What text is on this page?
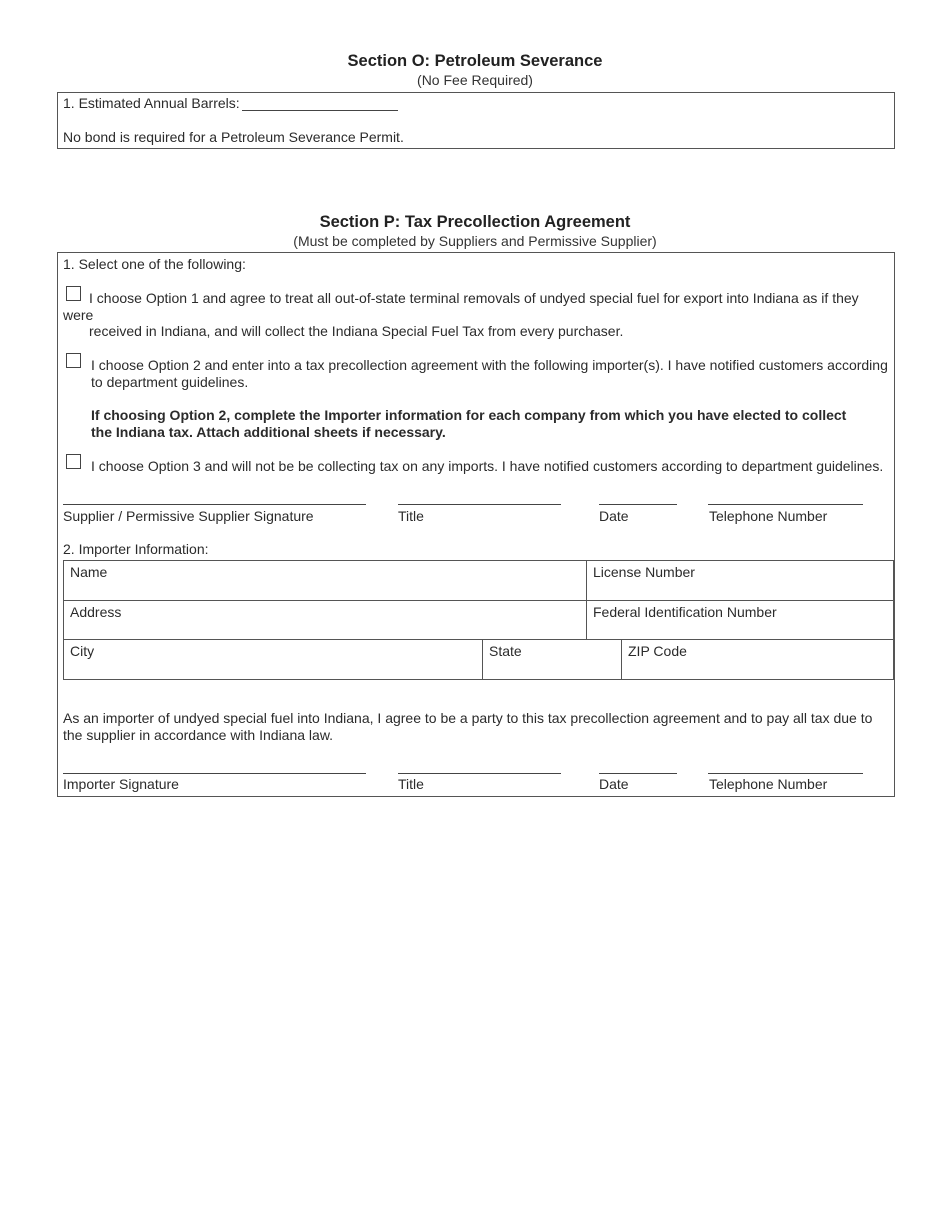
Section O: Petroleum Severance
(No Fee Required)
1. Estimated Annual Barrels:
No bond is required for a Petroleum Severance Permit.
Section P: Tax Precollection Agreement
(Must be completed by Suppliers and Permissive Supplier)
1. Select one of the following:
I choose Option 1 and agree to treat all out-of-state terminal removals of undyed special fuel for export into Indiana as if they
were
received in Indiana, and will collect the Indiana Special Fuel Tax from every purchaser.
I choose Option 2 and enter into a tax precollection agreement with the following importer(s). I have notified customers according
to department guidelines.
If choosing Option 2, complete the Importer information for each company from which you have elected to collect
the Indiana tax. Attach additional sheets if necessary.
I choose Option 3 and will not be be collecting tax on any imports. I have notified customers according to department guidelines.
Supplier / Permissive Supplier Signature	Title	Date	Telephone Number
2. Importer Information:
Name	License Number
Address	Federal Identification Number
City	State	ZIP Code
As an importer of undyed special fuel into Indiana, I agree to be a party to this tax precollection agreement and to pay all tax due to
the supplier in accordance with Indiana law.
Importer Signature	Title	Date	Telephone Number
